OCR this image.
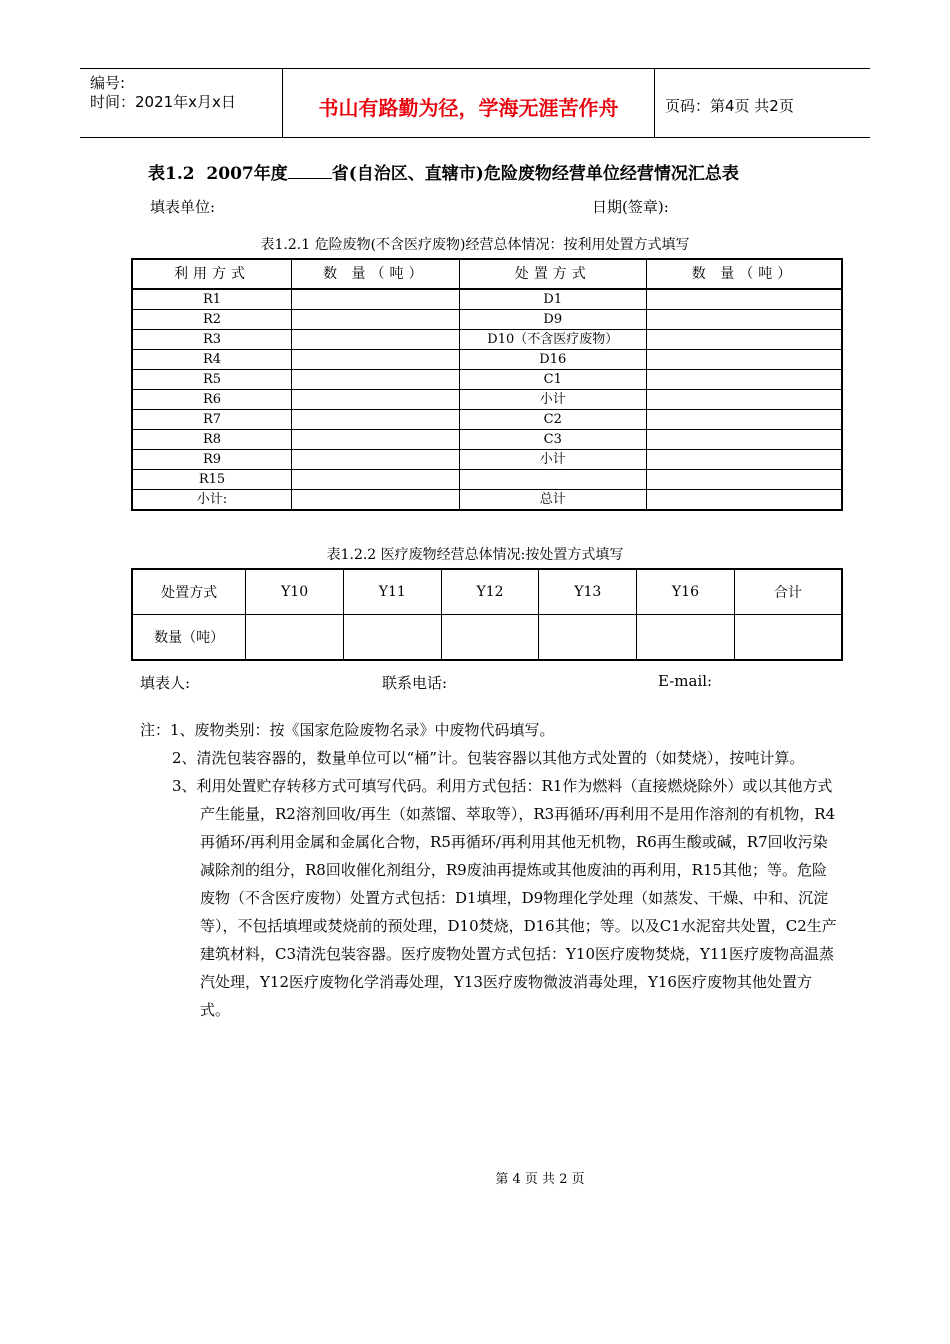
编号:
时间：2021年x月x日	书山有路勤为径，学海无涯苦作舟	页码：第4页 共2页
表1.2  2007年度	省(自治区、直辖市)危险废物经营单位经营情况汇总表
填表单位:	日期(签章):
表1.2.1 危险废物(不含医疗废物)经营总体情况：按利用处置方式填写
利用方式	数 量（吨）	处置方式	数 量（吨）
R1		D1	
R2		D9	
R3		D10（不含医疗废物）	
R4		D16	
R5		C1	
R6		小计	
R7		C2	
R8		C3	
R9		小计	
R15			
小计:		总计	
表1.2.2 医疗废物经营总体情况:按处置方式填写
处置方式	Y10	Y11	Y12	Y13	Y16	合计
数量（吨）						
填表人:	联系电话:	E-mail:

注：1、废物类别：按《国家危险废物名录》中废物代码填写。

2、清洗包装容器的，数量单位可以“桶”计。包装容器以其他方式处置的（如焚烧），按吨计算。

3、利用处置贮存转移方式可填写代码。利用方式包括：R1作为燃料（直接燃烧除外）或以其他方式产生能量，R2溶剂回收/再生（如蒸馏、萃取等），R3再循环/再利用不是用作溶剂的有机物，R4再循环/再利用金属和金属化合物，R5再循环/再利用其他无机物，R6再生酸或碱，R7回收污染减除剂的组分，R8回收催化剂组分，R9废油再提炼或其他废油的再利用，R15其他；等。危险废物（不含医疗废物）处置方式包括：D1填埋，D9物理化学处理（如蒸发、干燥、中和、沉淀等），不包括填埋或焚烧前的预处理，D10焚烧，D16其他；等。以及C1水泥窑共处置，C2生产建筑材料，C3清洗包装容器。医疗废物处置方式包括：Y10医疗废物焚烧，Y11医疗废物高温蒸汽处理，Y12医疗废物化学消毒处理，Y13医疗废物微波消毒处理，Y16医疗废物其他处置方式。

第 4 页 共 2 页
